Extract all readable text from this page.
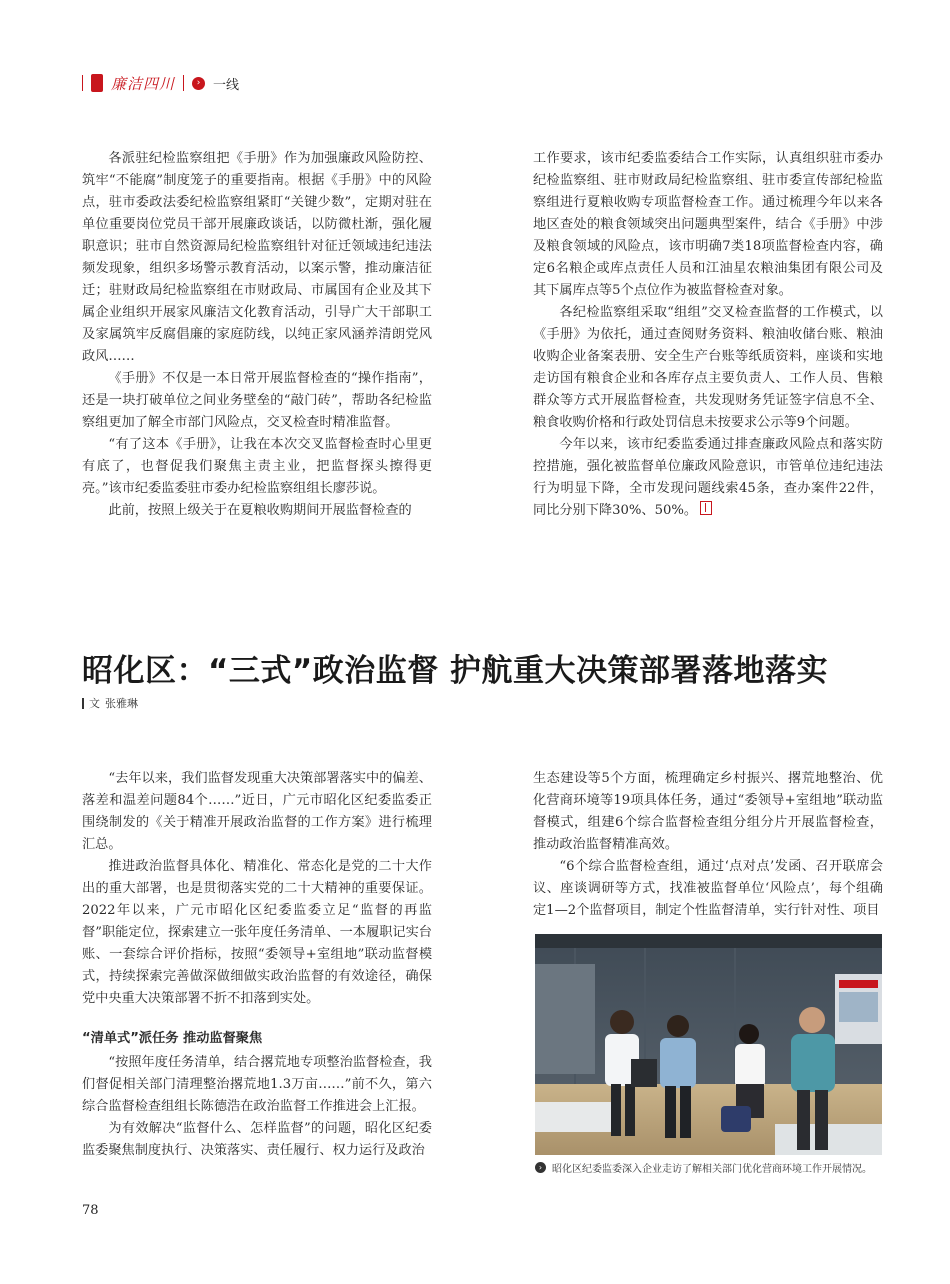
廉洁四川	› 一线

各派驻纪检监察组把《手册》作为加强廉政风险防控、筑牢“不能腐”制度笼子的重要指南。根据《手册》中的风险点，驻市委政法委纪检监察组紧盯“关键少数”，定期对驻在单位重要岗位党员干部开展廉政谈话，以防微杜渐，强化履职意识；驻市自然资源局纪检监察组针对征迁领域违纪违法频发现象，组织多场警示教育活动，以案示警，推动廉洁征迁；驻财政局纪检监察组在市财政局、市属国有企业及其下属企业组织开展家风廉洁文化教育活动，引导广大干部职工及家属筑牢反腐倡廉的家庭防线，以纯正家风涵养清朗党风政风……

《手册》不仅是一本日常开展监督检查的“操作指南”，还是一块打破单位之间业务壁垒的“敲门砖”，帮助各纪检监察组更加了解全市部门风险点，交叉检查时精准监督。

“有了这本《手册》，让我在本次交叉监督检查时心里更有底了，也督促我们聚焦主责主业，把监督探头擦得更亮。”该市纪委监委驻市委办纪检监察组组长廖莎说。

此前，按照上级关于在夏粮收购期间开展监督检查的

工作要求，该市纪委监委结合工作实际，认真组织驻市委办纪检监察组、驻市财政局纪检监察组、驻市委宣传部纪检监察组进行夏粮收购专项监督检查工作。通过梳理今年以来各地区查处的粮食领域突出问题典型案件，结合《手册》中涉及粮食领域的风险点，该市明确7类18项监督检查内容，确定6名粮企或库点责任人员和江油星农粮油集团有限公司及其下属库点等5个点位作为被监督检查对象。

各纪检监察组采取“组组”交叉检查监督的工作模式，以《手册》为依托，通过查阅财务资料、粮油收储台账、粮油收购企业备案表册、安全生产台账等纸质资料，座谈和实地走访国有粮食企业和各库存点主要负责人、工作人员、售粮群众等方式开展监督检查，共发现财务凭证签字信息不全、粮食收购价格和行政处罚信息未按要求公示等9个问题。

今年以来，该市纪委监委通过排查廉政风险点和落实防控措施，强化被监督单位廉政风险意识，市管单位违纪违法行为明显下降，全市发现问题线索45条，查办案件22件，同比分别下降30%、50%。

昭化区：“三式”政治监督 护航重大决策部署落地落实
文 张雅琳

“去年以来，我们监督发现重大决策部署落实中的偏差、落差和温差问题84个……”近日，广元市昭化区纪委监委正围绕制发的《关于精准开展政治监督的工作方案》进行梳理汇总。

推进政治监督具体化、精准化、常态化是党的二十大作出的重大部署，也是贯彻落实党的二十大精神的重要保证。2022年以来，广元市昭化区纪委监委立足“监督的再监督”职能定位，探索建立一张年度任务清单、一本履职记实台账、一套综合评价指标，按照“委领导+室组地”联动监督模式，持续探索完善做深做细做实政治监督的有效途径，确保党中央重大决策部署不折不扣落到实处。

“清单式”派任务 推动监督聚焦

“按照年度任务清单，结合撂荒地专项整治监督检查，我们督促相关部门清理整治撂荒地1.3万亩……”前不久，第六综合监督检查组组长陈德浩在政治监督工作推进会上汇报。

为有效解决“监督什么、怎样监督”的问题，昭化区纪委监委聚焦制度执行、决策落实、责任履行、权力运行及政治

生态建设等5个方面，梳理确定乡村振兴、撂荒地整治、优化营商环境等19项具体任务，通过“委领导+室组地”联动监督模式，组建6个综合监督检查组分组分片开展监督检查，推动政治监督精准高效。

“6个综合监督检查组，通过‘点对点’发函、召开联席会议、座谈调研等方式，找准被监督单位‘风险点’，每个组确定1—2个监督项目，制定个性监督清单，实行针对性、项目

› 昭化区纪委监委深入企业走访了解相关部门优化营商环境工作开展情况。
78
